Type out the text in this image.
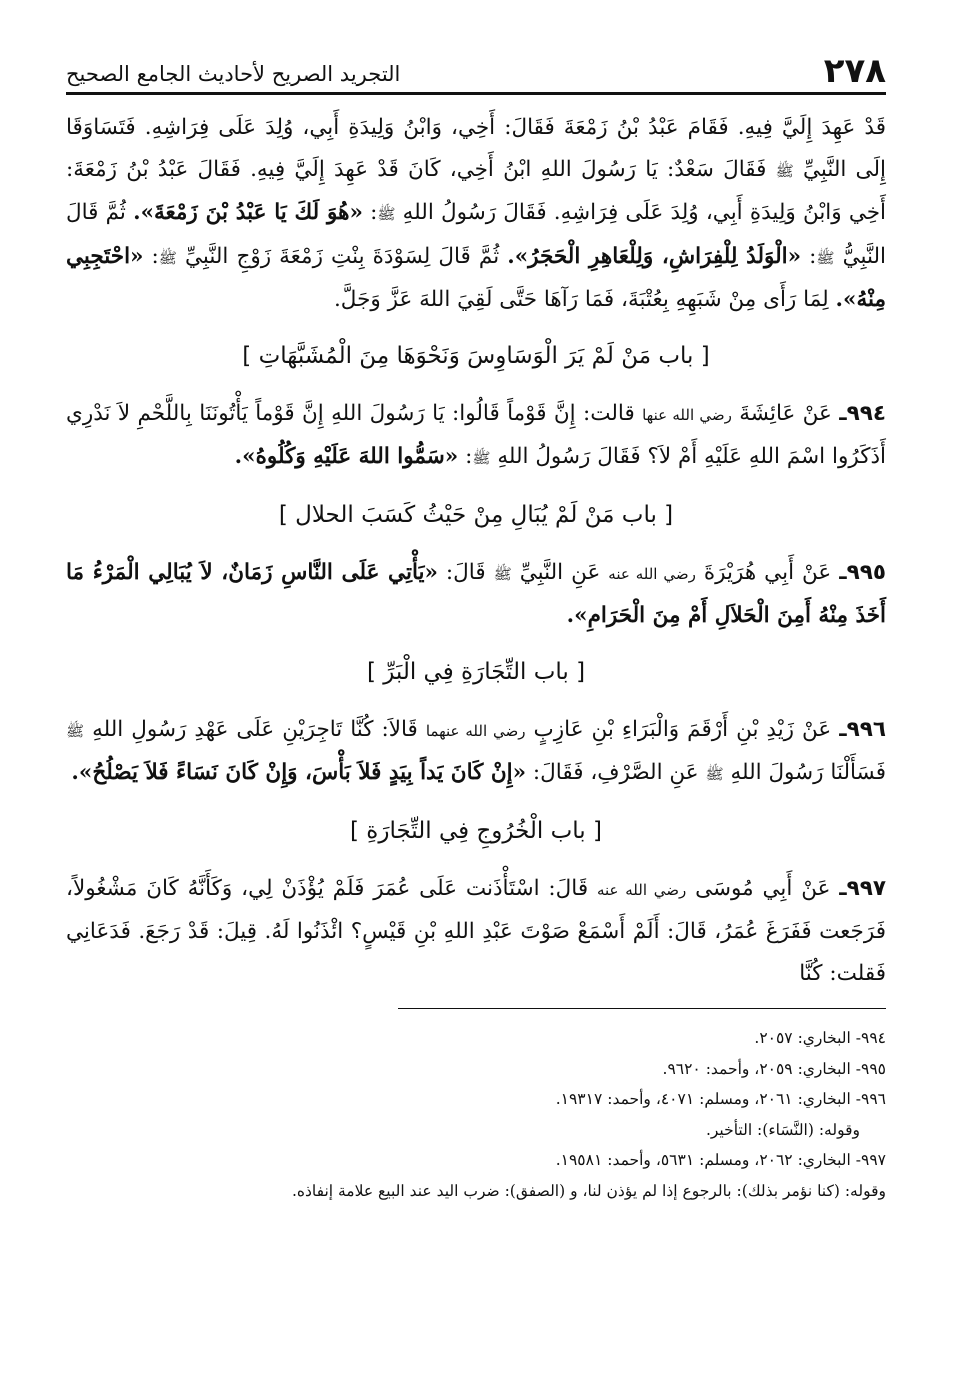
٢٧٨
التجريد الصريح لأحاديث الجامع الصحيح

قَدْ عَهِدَ إِلَيَّ فِيهِ. فَقَامَ عَبْدُ بْنُ زَمْعَةَ فَقَالَ: أَخِي، وَابْنُ وَلِيدَةِ أَبِي، وُلِدَ عَلَى فِرَاشِهِ. فَتَسَاوَقَا إِلَى النَّبِيِّ ﷺ فَقَالَ سَعْدٌ: يَا رَسُولَ اللهِ ابْنُ أَخِي، كَانَ قَدْ عَهِدَ إِلَيَّ فِيهِ. فَقَالَ عَبْدُ بْنُ زَمْعَةَ: أَخِي وَابْنُ وَلِيدَةِ أَبِي، وُلِدَ عَلَى فِرَاشِهِ. فَقَالَ رَسُولُ اللهِ ﷺ: «هُوَ لَكَ يَا عَبْدُ بْنَ زَمْعَةَ». ثُمَّ قَالَ النَّبِيُّ ﷺ: «الْوَلَدُ لِلْفِرَاشِ، وَلِلْعَاهِرِ الْحَجَرُ». ثُمَّ قَالَ لِسَوْدَةَ بِنْتِ زَمْعَةَ زَوْجِ النَّبِيِّ ﷺ: «احْتَجِبِي مِنْهُ». لِمَا رَأَى مِنْ شَبَهِهِ بِعُتْبَةَ، فَمَا رَآهَا حَتَّى لَقِيَ اللهَ عَزَّ وَجَلَّ.

[ باب مَنْ لَمْ يَرَ الْوَسَاوِسَ وَنَحْوَهَا مِنَ الْمُشَبَّهَاتِ ]

٩٩٤ـ عَنْ عَائِشَةَ رضي الله عنها قالت: إِنَّ قَوْماً قَالُوا: يَا رَسُولَ اللهِ إِنَّ قَوْماً يَأْتُونَنَا بِاللَّحْمِ لاَ نَدْرِي أَذَكَرُوا اسْمَ اللهِ عَلَيْهِ أَمْ لاَ؟ فَقَالَ رَسُولُ اللهِ ﷺ: «سَمُّوا اللهَ عَلَيْهِ وَكُلُوهُ».

[ باب مَنْ لَمْ يُبَالِ مِنْ حَيْثُ كَسَبَ الحلال ]

٩٩٥ـ عَنْ أَبِي هُرَيْرَةَ رضي الله عنه عَنِ النَّبِيِّ ﷺ قَالَ: «يَأْتِي عَلَى النَّاسِ زَمَانٌ، لاَ يُبَالِي الْمَرْءُ مَا أَخَذَ مِنْهُ أَمِنَ الْحَلاَلِ أَمْ مِنَ الْحَرَامِ».

[ باب التِّجَارَةِ فِي الْبَرِّ ]

٩٩٦ـ عَنْ زَيْدِ بْنِ أَرْقَمَ وَالْبَرَاءِ بْنِ عَازِبٍ رضي الله عنهما قَالاَ: كُنَّا تَاجِرَيْنِ عَلَى عَهْدِ رَسُولِ اللهِ ﷺ فَسَأَلْنَا رَسُولَ اللهِ ﷺ عَنِ الصَّرْفِ، فَقَالَ: «إِنْ كَانَ يَداً بِيَدٍ فَلاَ بَأْسَ، وَإِنْ كَانَ نَسَاءً فَلاَ يَصْلُحُ».

[ باب الْخُرُوجِ فِي التِّجَارَةِ ]

٩٩٧ـ عَنْ أَبِي مُوسَى رضي الله عنه قَالَ: اسْتَأْذَنت عَلَى عُمَرَ فَلَمْ يُؤْذَنْ لِي، وَكَأَنَّهُ كَانَ مَشْغُولاً، فَرَجَعت فَفَرَغَ عُمَرُ، قَالَ: أَلَمْ أَسْمَعْ صَوْتَ عَبْدِ اللهِ بْنِ قَيْسٍ؟ ائْذَنُوا لَهُ. قِيلَ: قَدْ رَجَعَ. فَدَعَانِي فَقلت: كُنَّا

٩٩٤- البخاري: ٢٠٥٧.

٩٩٥- البخاري: ٢٠٥٩، وأحمد: ٩٦٢٠.

٩٩٦- البخاري: ٢٠٦١، ومسلم: ٤٠٧١، وأحمد: ١٩٣١٧.

وقوله: (النَّسَاء): التأخير.

٩٩٧- البخاري: ٢٠٦٢، ومسلم: ٥٦٣١، وأحمد: ١٩٥٨١.

وقوله: (كنا نؤمر بذلك): بالرجوع إذا لم يؤذن لنا، و (الصفق): ضرب اليد عند البيع علامة إنفاذه.
